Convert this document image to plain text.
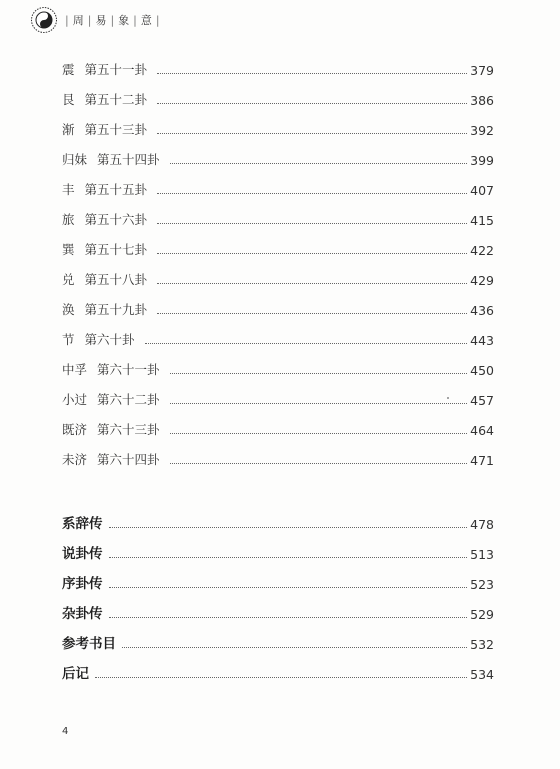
| 周 | 易 | 象 | 意 |
震 第五十一卦	379
艮 第五十二卦	386
渐 第五十三卦	392
归妹 第五十四卦	399
丰 第五十五卦	407
旅 第五十六卦	415
巽 第五十七卦	422
兑 第五十八卦	429
涣 第五十九卦	436
节 第六十卦	443
中孚 第六十一卦	450
小过 第六十二卦	457
既济 第六十三卦	464
未济 第六十四卦	471
系辞传	478
说卦传	513
序卦传	523
杂卦传	529
参考书目	532
后记	534
4
